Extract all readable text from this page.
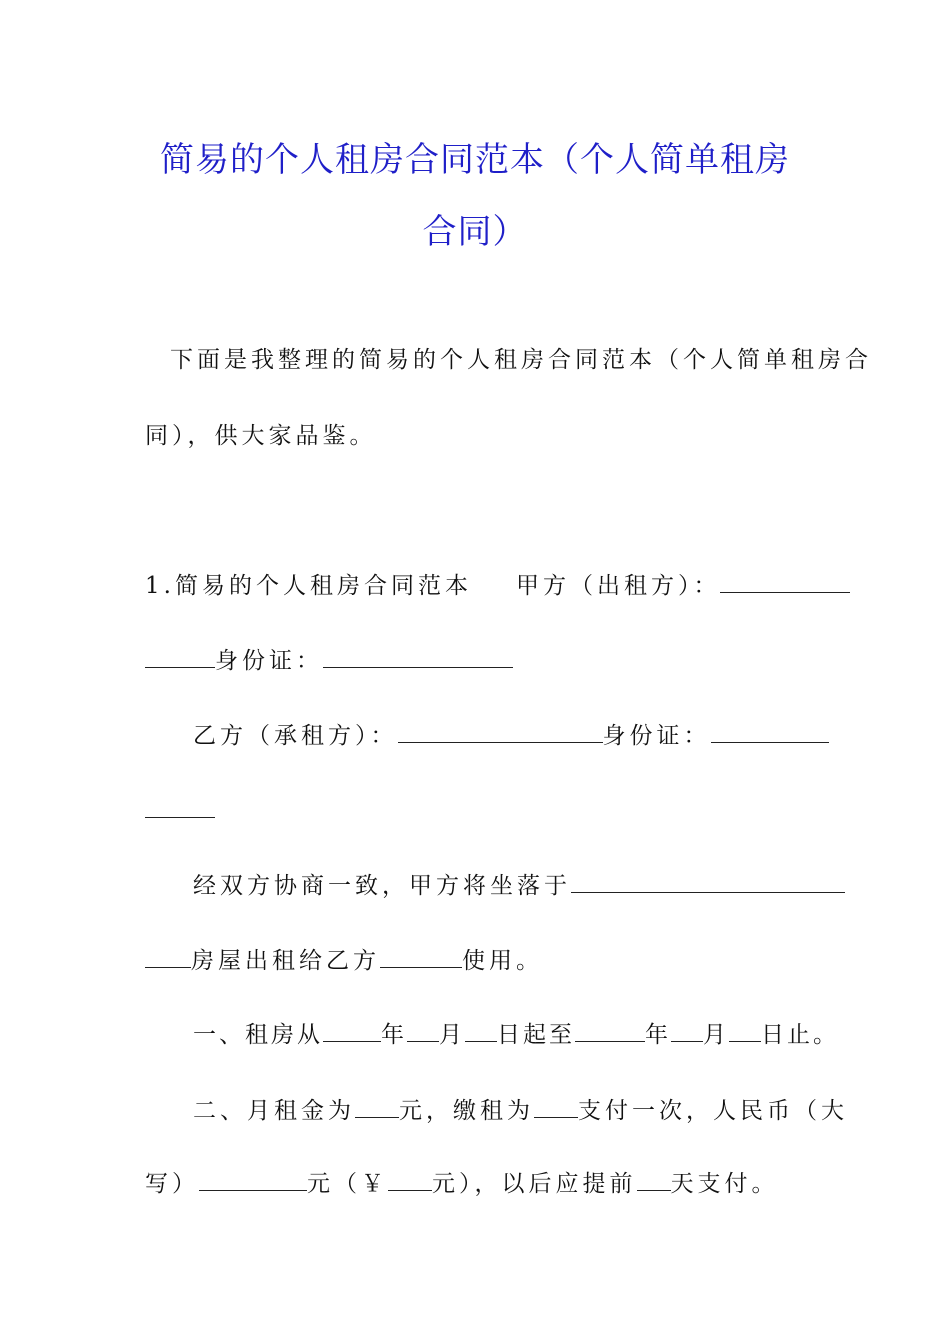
简易的个人租房合同范本（个人简单租房
合同）
下面是我整理的简易的个人租房合同范本（个人简单租房合
同），供大家品鉴。
1.简易的个人租房合同范本 甲方（出租方）：
身份证：
乙方（承租方）：	身份证：
经双方协商一致，甲方将坐落于
房屋出租给乙方	使用。
一、租房从	年 月 日起至	年 月 日止。
二、月租金为 元，缴租为 支付一次，人民币（大
写）	元（￥ 元），以后应提前 天支付。
